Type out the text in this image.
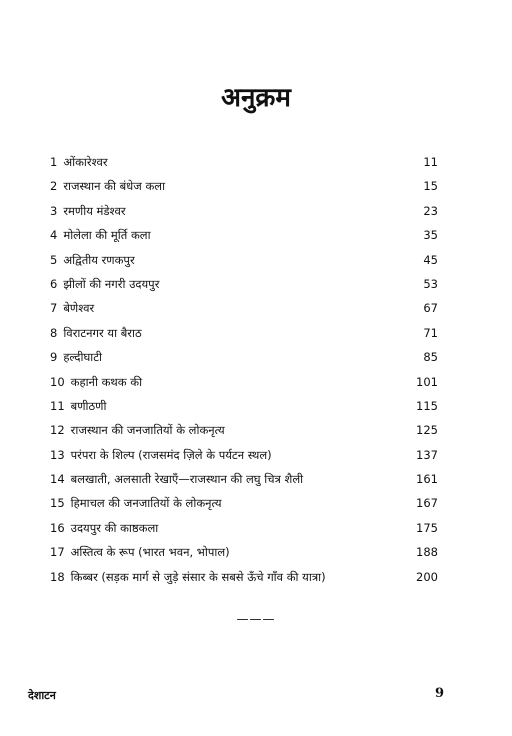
अनुक्रम
1 ओंकारेश्वर	11
2 राजस्थान की बंधेज कला	15
3 रमणीय मंडेश्वर	23
4 मोलेला की मूर्ति कला	35
5 अद्वितीय रणकपुर	45
6 झीलों की नगरी उदयपुर	53
7 बेणेश्वर	67
8 विराटनगर या बैराठ	71
9 हल्दीघाटी	85
10 कहानी कथक की	101
11 बणीठणी	115
12 राजस्थान की जनजातियों के लोकनृत्य	125
13 परंपरा के शिल्प (राजसमंद ज़िले के पर्यटन स्थल)	137
14 बलखाती, अलसाती रेखाएँ—राजस्थान की लघु चित्र शैली	161
15 हिमाचल की जनजातियों के लोकनृत्य	167
16 उदयपुर की काष्ठकला	175
17 अस्तित्व के रूप (भारत भवन, भोपाल)	188
18 किब्बर (सड़क मार्ग से जुड़े संसार के सबसे ऊँचे गाँव की यात्रा)	200
———
देशाटन	9
